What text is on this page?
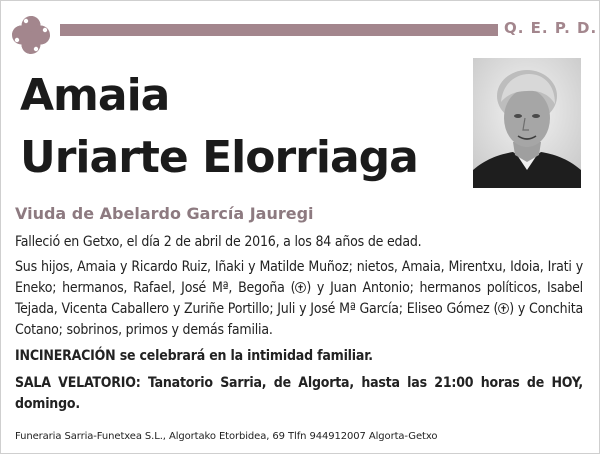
Q. E. P. D.
Amaia
Uriarte Elorriaga
Viuda de Abelardo García Jauregi
Falleció en Getxo, el día 2 de abril de 2016, a los 84 años de edad.
Sus hijos, Amaia y Ricardo Ruiz, Iñaki y Matilde Muñoz; nietos, Amaia, Mirentxu, Idoia, Irati y Eneko; hermanos, Rafael, José Mª, Begoña ( ) y Juan Antonio; hermanos políticos, Isabel Tejada, Vicenta Caballero y Zuriñe Portillo; Juli y José Mª García; Eliseo Gómez ( ) y Conchita Cotano; sobrinos, primos y demás familia.
INCINERACIÓN se celebrará en la intimidad familiar.
SALA VELATORIO: Tanatorio Sarria, de Algorta, hasta las 21:00 horas de HOY, domingo.
Funeraria Sarria-Funetxea S.L., Algortako Etorbidea, 69 Tlfn 944912007 Algorta-Getxo
